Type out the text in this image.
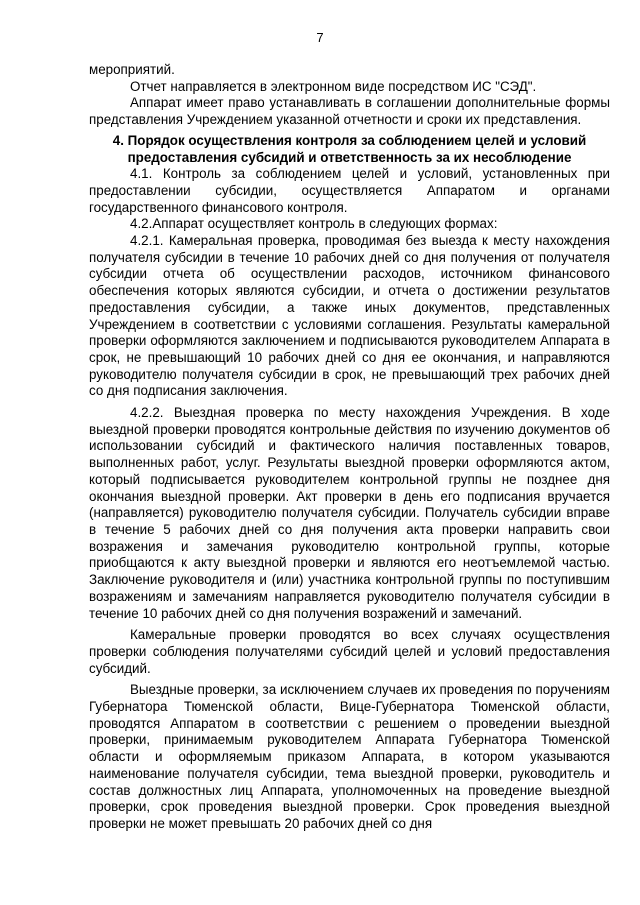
7

мероприятий.

Отчет направляется в электронном виде посредством ИС "СЭД".

Аппарат имеет право устанавливать в соглашении дополнительные формы представления Учреждением указанной отчетности и сроки их представления.

4. Порядок осуществления контроля за соблюдением целей и условий предоставления субсидий и ответственность за их несоблюдение

4.1. Контроль за соблюдением целей и условий, установленных при предоставлении субсидии, осуществляется Аппаратом и органами государственного финансового контроля.

4.2.Аппарат осуществляет контроль в следующих формах:

4.2.1. Камеральная проверка, проводимая без выезда к месту нахождения получателя субсидии в течение 10 рабочих дней со дня получения от получателя субсидии отчета об осуществлении расходов, источником финансового обеспечения которых являются субсидии, и отчета о достижении результатов предоставления субсидии, а также иных документов, представленных Учреждением в соответствии с условиями соглашения. Результаты камеральной проверки оформляются заключением и подписываются руководителем Аппарата в срок, не превышающий 10 рабочих дней со дня ее окончания, и направляются руководителю получателя субсидии в срок, не превышающий трех рабочих дней со дня подписания заключения.

4.2.2. Выездная проверка по месту нахождения Учреждения. В ходе выездной проверки проводятся контрольные действия по изучению документов об использовании субсидий и фактического наличия поставленных товаров, выполненных работ, услуг. Результаты выездной проверки оформляются актом, который подписывается руководителем контрольной группы не позднее дня окончания выездной проверки. Акт проверки в день его подписания вручается (направляется) руководителю получателя субсидии. Получатель субсидии вправе в течение 5 рабочих дней со дня получения акта проверки направить свои возражения и замечания руководителю контрольной группы, которые приобщаются к акту выездной проверки и являются его неотъемлемой частью. Заключение руководителя и (или) участника контрольной группы по поступившим возражениям и замечаниям направляется руководителю получателя субсидии в течение 10 рабочих дней со дня получения возражений и замечаний.

Камеральные проверки проводятся во всех случаях осуществления проверки соблюдения получателями субсидий целей и условий предоставления субсидий.

Выездные проверки, за исключением случаев их проведения по поручениям Губернатора Тюменской области, Вице-Губернатора Тюменской области, проводятся Аппаратом в соответствии с решением о проведении выездной проверки, принимаемым руководителем Аппарата Губернатора Тюменской области и оформляемым приказом Аппарата, в котором указываются наименование получателя субсидии, тема выездной проверки, руководитель и состав должностных лиц Аппарата, уполномоченных на проведение выездной проверки, срок проведения выездной проверки. Срок проведения выездной проверки не может превышать 20 рабочих дней со дня
